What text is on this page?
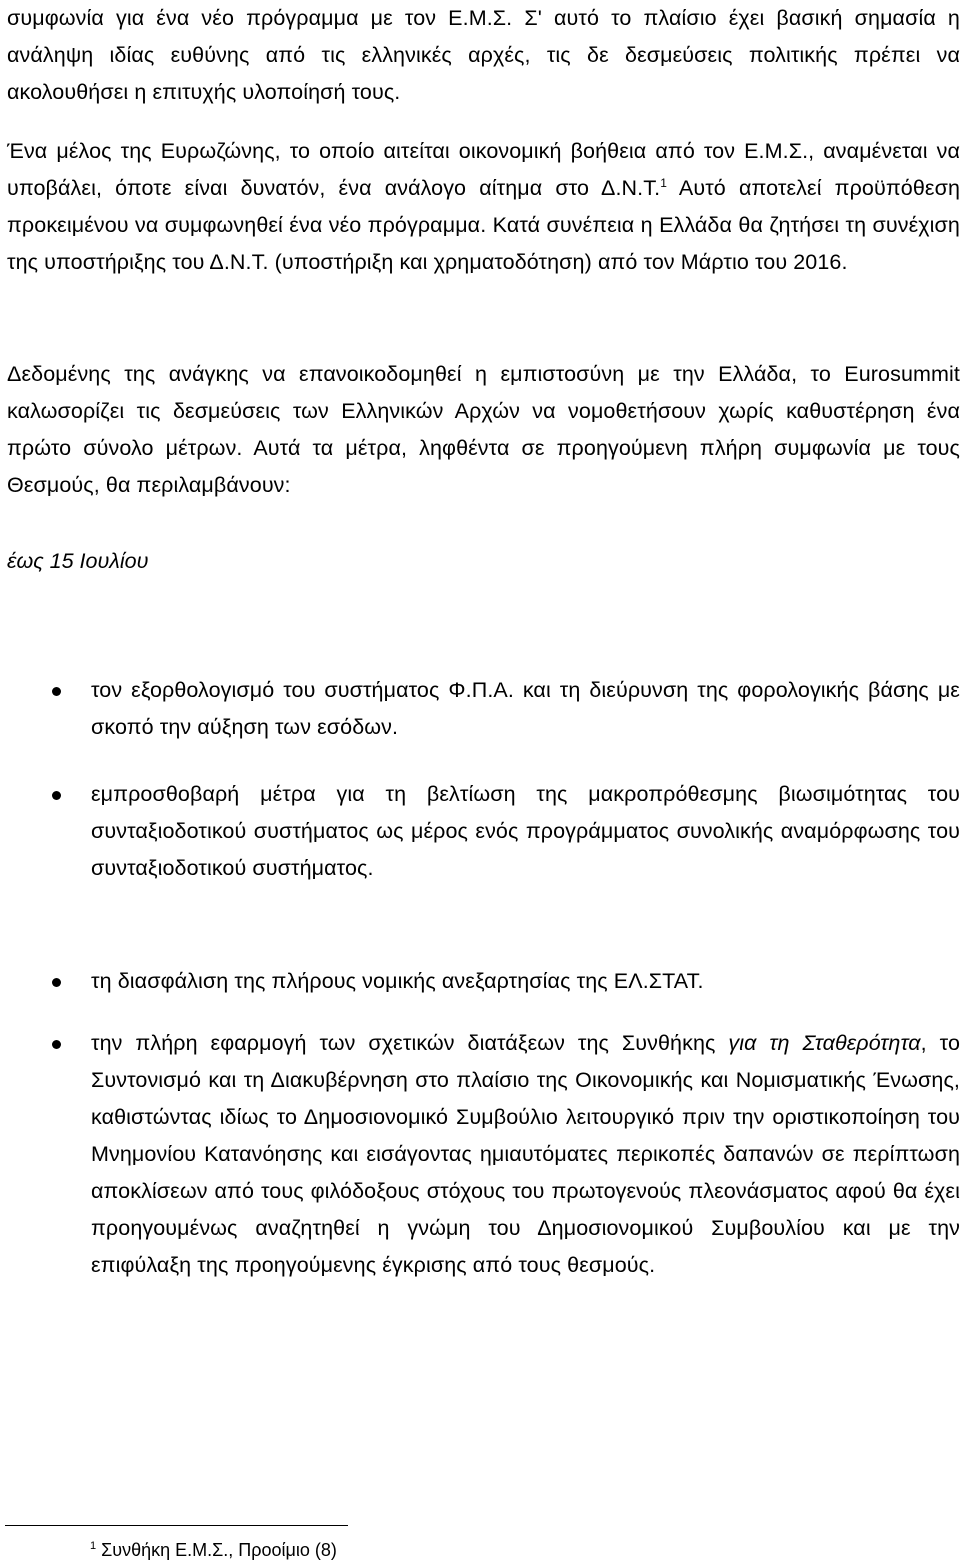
συμφωνία για ένα νέο πρόγραμμα με τον Ε.Μ.Σ. Σ' αυτό το πλαίσιο έχει βασική σημασία η ανάληψη ιδίας ευθύνης από τις ελληνικές αρχές, τις δε δεσμεύσεις πολιτικής πρέπει να ακολουθήσει η επιτυχής υλοποίησή τους.

Ένα μέλος της Ευρωζώνης, το οποίο αιτείται οικονομική βοήθεια από τον Ε.Μ.Σ., αναμένεται να υποβάλει, όποτε είναι δυνατόν, ένα ανάλογο αίτημα στο Δ.Ν.Τ.$^1$ Αυτό αποτελεί προϋπόθεση προκειμένου να συμφωνηθεί ένα νέο πρόγραμμα. Κατά συνέπεια η Ελλάδα θα ζητήσει τη συνέχιση της υποστήριξης του Δ.Ν.Τ. (υποστήριξη και χρηματοδότηση) από τον Μάρτιο του 2016.

Δεδομένης της ανάγκης να επανοικοδομηθεί η εμπιστοσύνη με την Ελλάδα, το Eurosummit καλωσορίζει τις δεσμεύσεις των Ελληνικών Αρχών να νομοθετήσουν χωρίς καθυστέρηση ένα πρώτο σύνολο μέτρων. Αυτά τα μέτρα, ληφθέντα σε προηγούμενη πλήρη συμφωνία με τους Θεσμούς, θα περιλαμβάνουν:

έως 15 Ιουλίου

τον εξορθολογισμό του συστήματος Φ.Π.Α. και τη διεύρυνση της φορολογικής βάσης με σκοπό την αύξηση των εσόδων.

εμπροσθοβαρή μέτρα για τη βελτίωση της μακροπρόθεσμης βιωσιμότητας του συνταξιοδοτικού συστήματος ως μέρος ενός προγράμματος συνολικής αναμόρφωσης του συνταξιοδοτικού συστήματος.

τη διασφάλιση της πλήρους νομικής ανεξαρτησίας της ΕΛ.ΣΤΑΤ.

την πλήρη εφαρμογή των σχετικών διατάξεων της Συνθήκης για τη Σταθερότητα, το Συντονισμό και τη Διακυβέρνηση στο πλαίσιο της Οικονομικής και Νομισματικής Ένωσης, καθιστώντας ιδίως το Δημοσιονομικό Συμβούλιο λειτουργικό πριν την οριστικοποίηση του Μνημονίου Κατανόησης και εισάγοντας ημιαυτόματες περικοπές δαπανών σε περίπτωση αποκλίσεων από τους φιλόδοξους στόχους του πρωτογενούς πλεονάσματος αφού θα έχει προηγουμένως αναζητηθεί η γνώμη του Δημοσιονομικού Συμβουλίου και με την επιφύλαξη της προηγούμενης έγκρισης από τους θεσμούς.

$^1$ Συνθήκη Ε.Μ.Σ., Προοίμιο (8)
